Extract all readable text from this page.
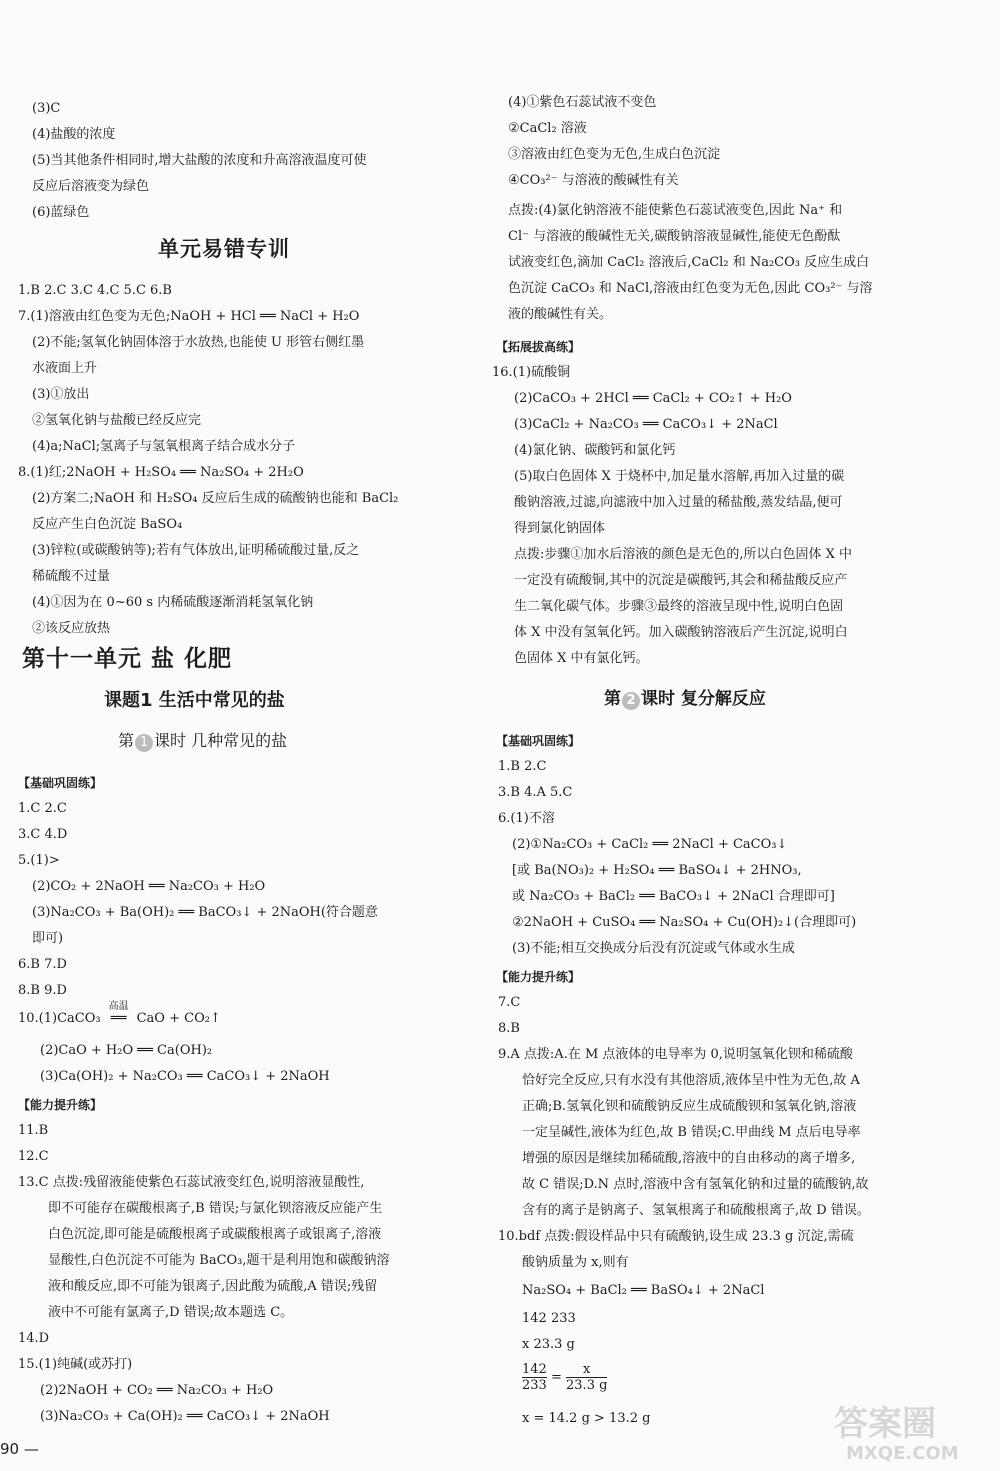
(3)C
(4)盐酸的浓度
(5)当其他条件相同时,增大盐酸的浓度和升高溶液温度可使
反应后溶液变为绿色
(6)蓝绿色
1.B 2.C 3.C 4.C 5.C 6.B
7.(1)溶液由红色变为无色;NaOH + HCl ══ NaCl + H₂O
(2)不能;氢氧化钠固体溶于水放热,也能使 U 形管右侧红墨
水液面上升
(3)①放出
②氢氧化钠与盐酸已经反应完
(4)a;NaCl;氢离子与氢氧根离子结合成水分子
8.(1)红;2NaOH + H₂SO₄ ══ Na₂SO₄ + 2H₂O
(2)方案二;NaOH 和 H₂SO₄ 反应后生成的硫酸钠也能和 BaCl₂
反应产生白色沉淀 BaSO₄
(3)锌粒(或碳酸钠等);若有气体放出,证明稀硫酸过量,反之
稀硫酸不过量
(4)①因为在 0~60 s 内稀硫酸逐渐消耗氢氧化钠
②该反应放热
1.C 2.C
3.C 4.D
5.(1)>
(2)CO₂ + 2NaOH ══ Na₂CO₃ + H₂O
(3)Na₂CO₃ + Ba(OH)₂ ══ BaCO₃↓ + 2NaOH(符合题意
即可)
6.B 7.D
8.B 9.D
(2)CaO + H₂O ══ Ca(OH)₂
(3)Ca(OH)₂ + Na₂CO₃ ══ CaCO₃↓ + 2NaOH
11.B
12.C
13.C 点拨:残留液能使紫色石蕊试液变红色,说明溶液显酸性,
即不可能存在碳酸根离子,B 错误;与氯化钡溶液反应能产生
白色沉淀,即可能是硫酸根离子或碳酸根离子或银离子,溶液
显酸性,白色沉淀不可能为 BaCO₃,题干是利用饱和碳酸钠溶
液和酸反应,即不可能为银离子,因此酸为硫酸,A 错误;残留
液中不可能有氯离子,D 错误;故本题选 C。
14.D
15.(1)纯碱(或苏打)
(2)2NaOH + CO₂ ══ Na₂CO₃ + H₂O
(3)Na₂CO₃ + Ca(OH)₂ ══ CaCO₃↓ + 2NaOH
(4)①紫色石蕊试液不变色
②CaCl₂ 溶液
③溶液由红色变为无色,生成白色沉淀
④CO₃²⁻ 与溶液的酸碱性有关
点拨:(4)氯化钠溶液不能使紫色石蕊试液变色,因此 Na⁺ 和
Cl⁻ 与溶液的酸碱性无关,碳酸钠溶液显碱性,能使无色酚酞
试液变红色,滴加 CaCl₂ 溶液后,CaCl₂ 和 Na₂CO₃ 反应生成白
色沉淀 CaCO₃ 和 NaCl,溶液由红色变为无色,因此 CO₃²⁻ 与溶
液的酸碱性有关。
16.(1)硫酸铜
(2)CaCO₃ + 2HCl ══ CaCl₂ + CO₂↑ + H₂O
(3)CaCl₂ + Na₂CO₃ ══ CaCO₃↓ + 2NaCl
(4)氯化钠、碳酸钙和氯化钙
(5)取白色固体 X 于烧杯中,加足量水溶解,再加入过量的碳
酸钠溶液,过滤,向滤液中加入过量的稀盐酸,蒸发结晶,便可
得到氯化钠固体
点拨:步骤①加水后溶液的颜色是无色的,所以白色固体 X 中
一定没有硫酸铜,其中的沉淀是碳酸钙,其会和稀盐酸反应产
生二氧化碳气体。步骤③最终的溶液呈现中性,说明白色固
体 X 中没有氢氧化钙。加入碳酸钠溶液后产生沉淀,说明白
色固体 X 中有氯化钙。
1.B 2.C
3.B 4.A 5.C
6.(1)不溶
(2)①Na₂CO₃ + CaCl₂ ══ 2NaCl + CaCO₃↓
[或 Ba(NO₃)₂ + H₂SO₄ ══ BaSO₄↓ + 2HNO₃,
或 Na₂CO₃ + BaCl₂ ══ BaCO₃↓ + 2NaCl 合理即可]
②2NaOH + CuSO₄ ══ Na₂SO₄ + Cu(OH)₂↓(合理即可)
(3)不能;相互交换成分后没有沉淀或气体或水生成
7.C
8.B
9.A 点拨:A.在 M 点液体的电导率为 0,说明氢氧化钡和稀硫酸
恰好完全反应,只有水没有其他溶质,液体呈中性为无色,故 A
正确;B.氢氧化钡和硫酸钠反应生成硫酸钡和氢氧化钠,溶液
一定呈碱性,液体为红色,故 B 错误;C.甲曲线 M 点后电导率
增强的原因是继续加稀硫酸,溶液中的自由移动的离子增多,
故 C 错误;D.N 点时,溶液中含有氢氧化钠和过量的硫酸钠,故
含有的离子是钠离子、氢氧根离子和硫酸根离子,故 D 错误。
10.bdf 点拨:假设样品中只有硫酸钠,设生成 23.3 g 沉淀,需硫
酸钠质量为 x,则有
Na₂SO₄ + BaCl₂ ══ BaSO₄↓ + 2NaCl
142 233
x 23.3 g
x = 14.2 g > 13.2 g
单元易错专训
第十一单元 盐 化肥
课题1 生活中常见的盐
第 1 课时 几种常见的盐
【基础巩固练】
10.(1)CaCO₃
高温
══ CaO + CO₂↑
【能力提升练】
【拓展拔高练】
第 2 课时 复分解反应
【基础巩固练】
【能力提升练】
$\frac{142}{233} = \frac{x}{23.3 g}$
90 —
答案圈
MXQE.COM
